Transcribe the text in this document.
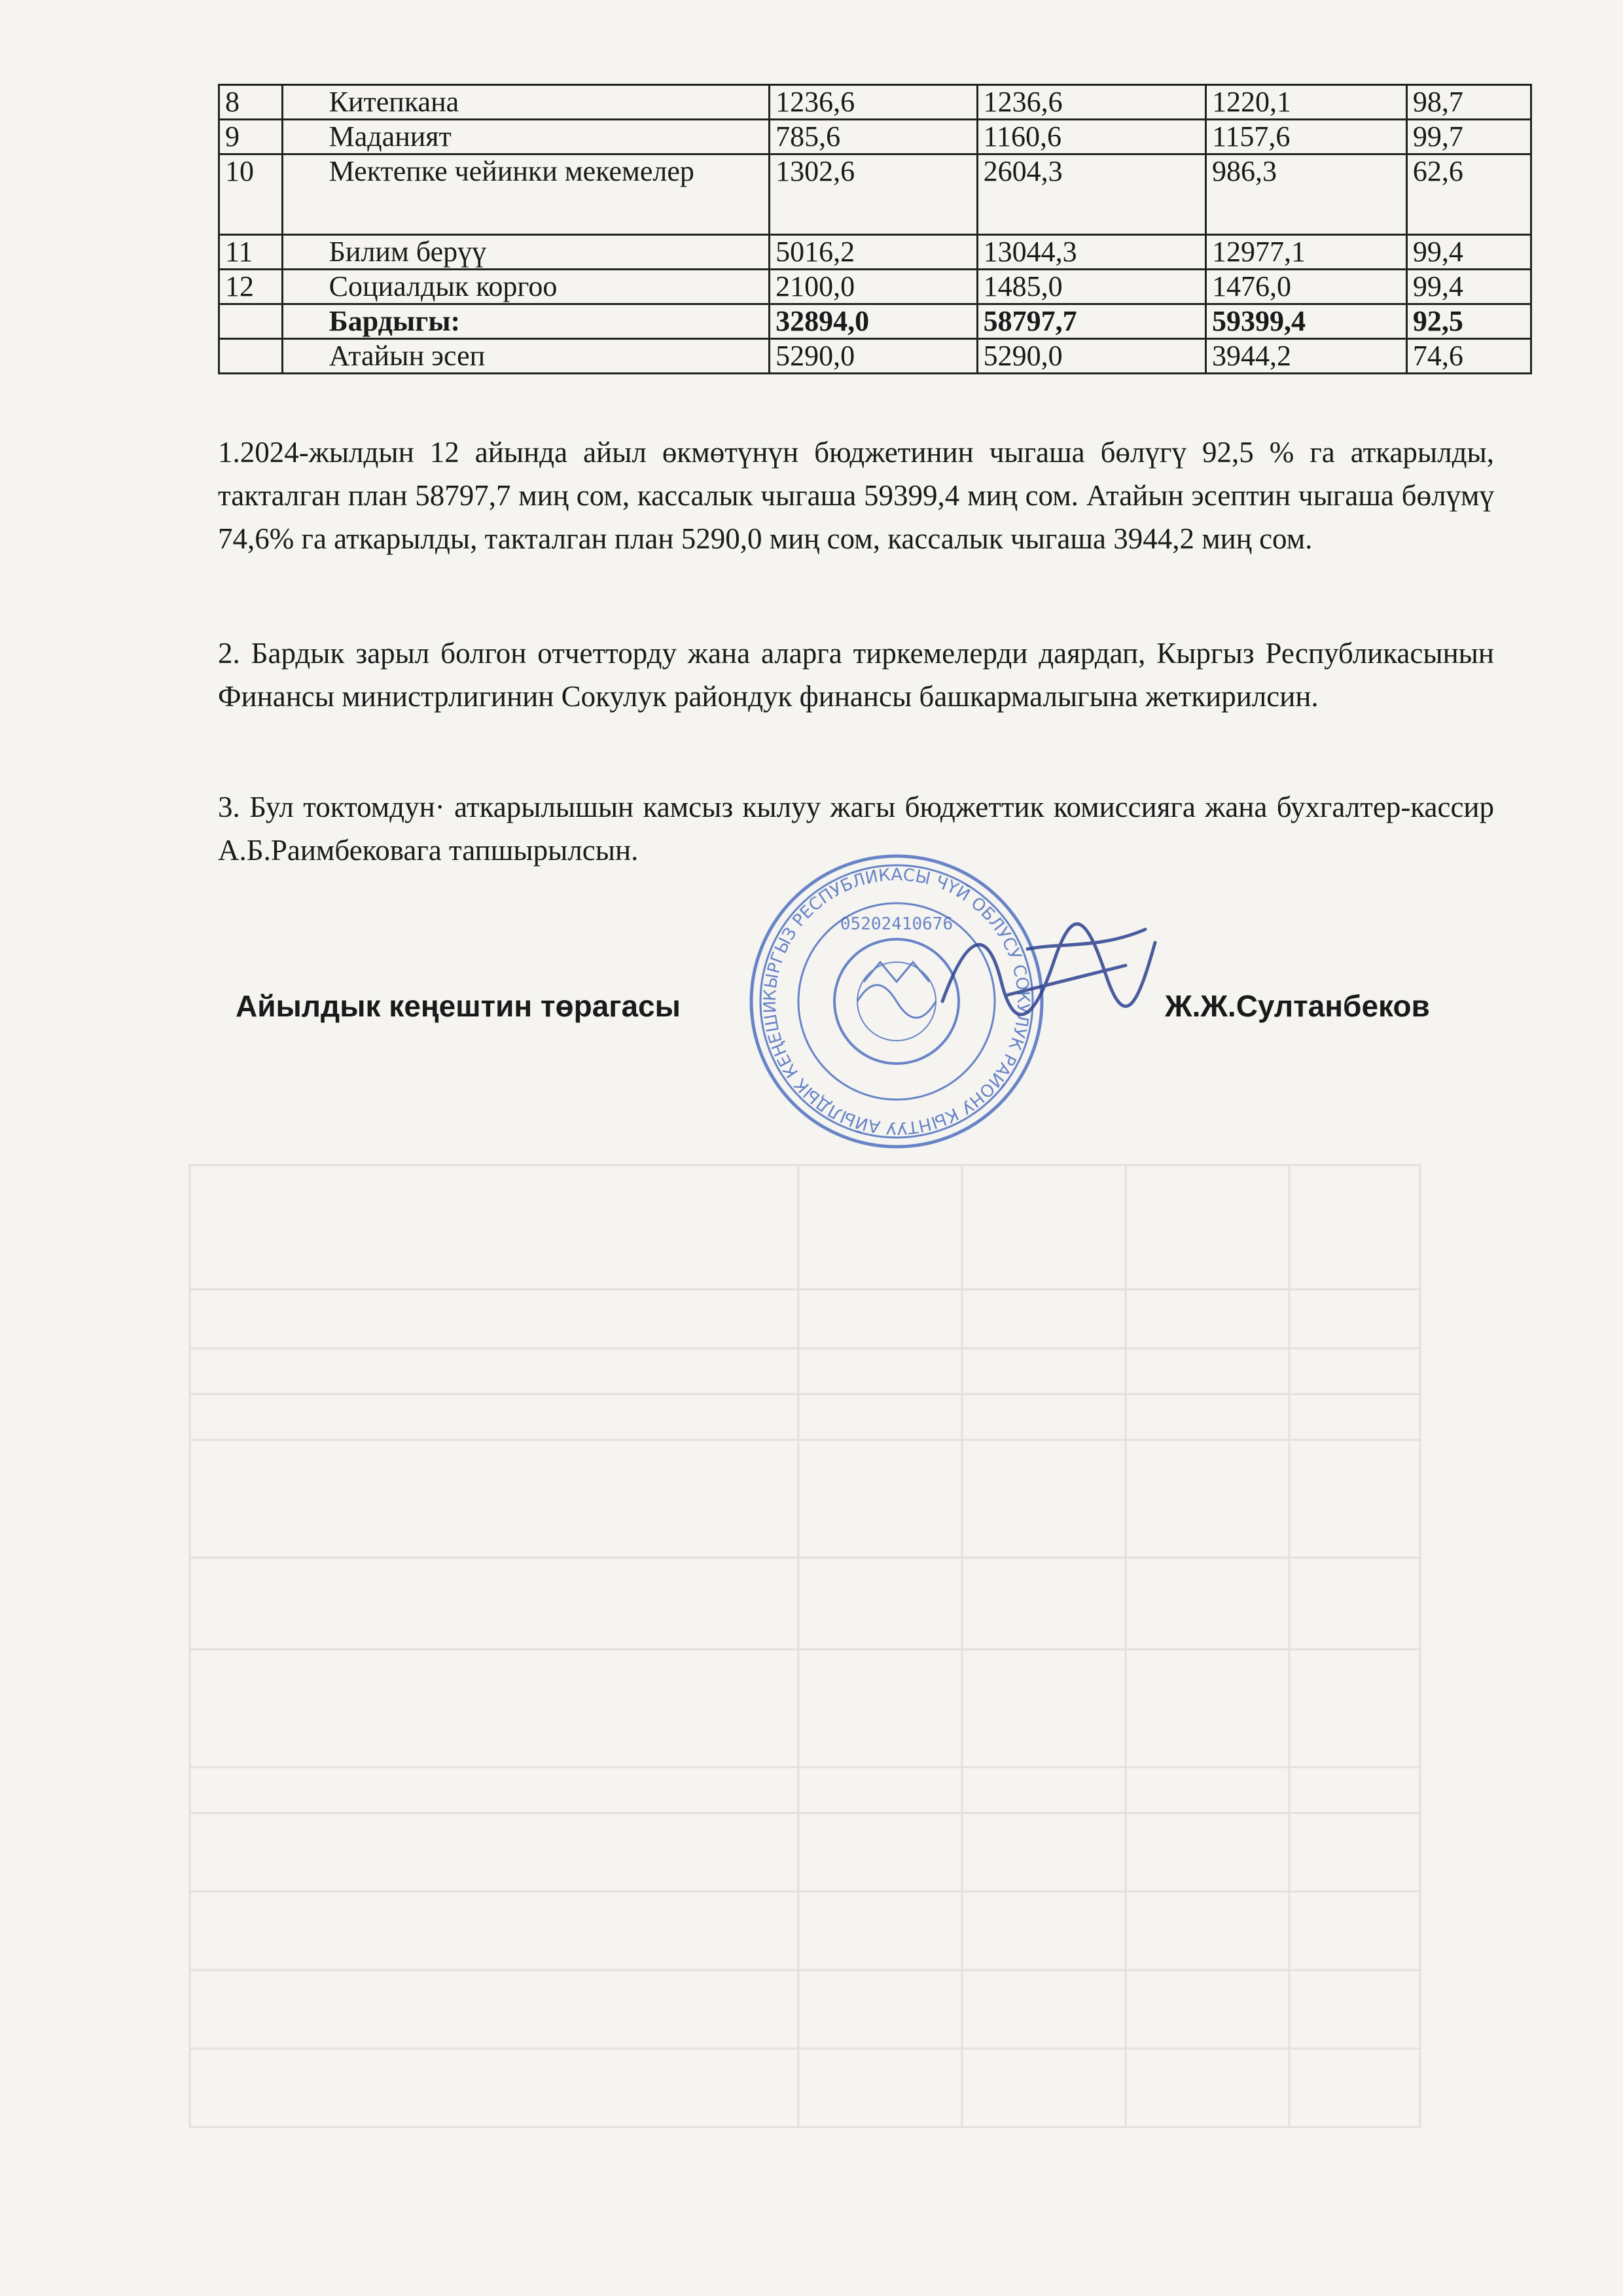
8	Китепкана	1236,6	1236,6	1220,1	98,7
9	Маданият	785,6	1160,6	1157,6	99,7
10	Мектепке чейинки мекемелер	1302,6	2604,3	986,3	62,6
11	Билим берүү	5016,2	13044,3	12977,1	99,4
12	Социалдык коргоо	2100,0	1485,0	1476,0	99,4
	Бардыгы:	32894,0	58797,7	59399,4	92,5
	Атайын эсеп	5290,0	5290,0	3944,2	74,6

1.2024-жылдын 12 айында айыл өкмөтүнүн бюджетинин чыгаша бөлүгү 92,5 % га аткарылды, такталган план 58797,7 миң сом, кассалык чыгаша 59399,4 миң сом. Атайын эсептин чыгаша бөлүмү 74,6% га аткарылды, такталган план 5290,0 миң сом, кассалык чыгаша 3944,2 миң сом.

2. Бардык зарыл болгон отчетторду жана аларга тиркемелерди даярдап, Кыргыз Республикасынын Финансы министрлигинин Сокулук райондук финансы башкармалыгына жеткирилсин.

3. Бул токтомдун· аткарылышын камсыз кылуу жагы бюджеттик комиссияга жана бухгалтер-кассир А.Б.Раимбековага тапшырылсын.

КЫРГЫЗ РЕСПУБЛИКАСЫ ЧҮЙ ОБЛУСУ СОКУЛУК РАЙОНУ КЫНТУУ АЙЫЛДЫК КЕҢЕШИ
05202410676
Айылдык кеңештин төрагасы	Ж.Ж.Султанбеков
